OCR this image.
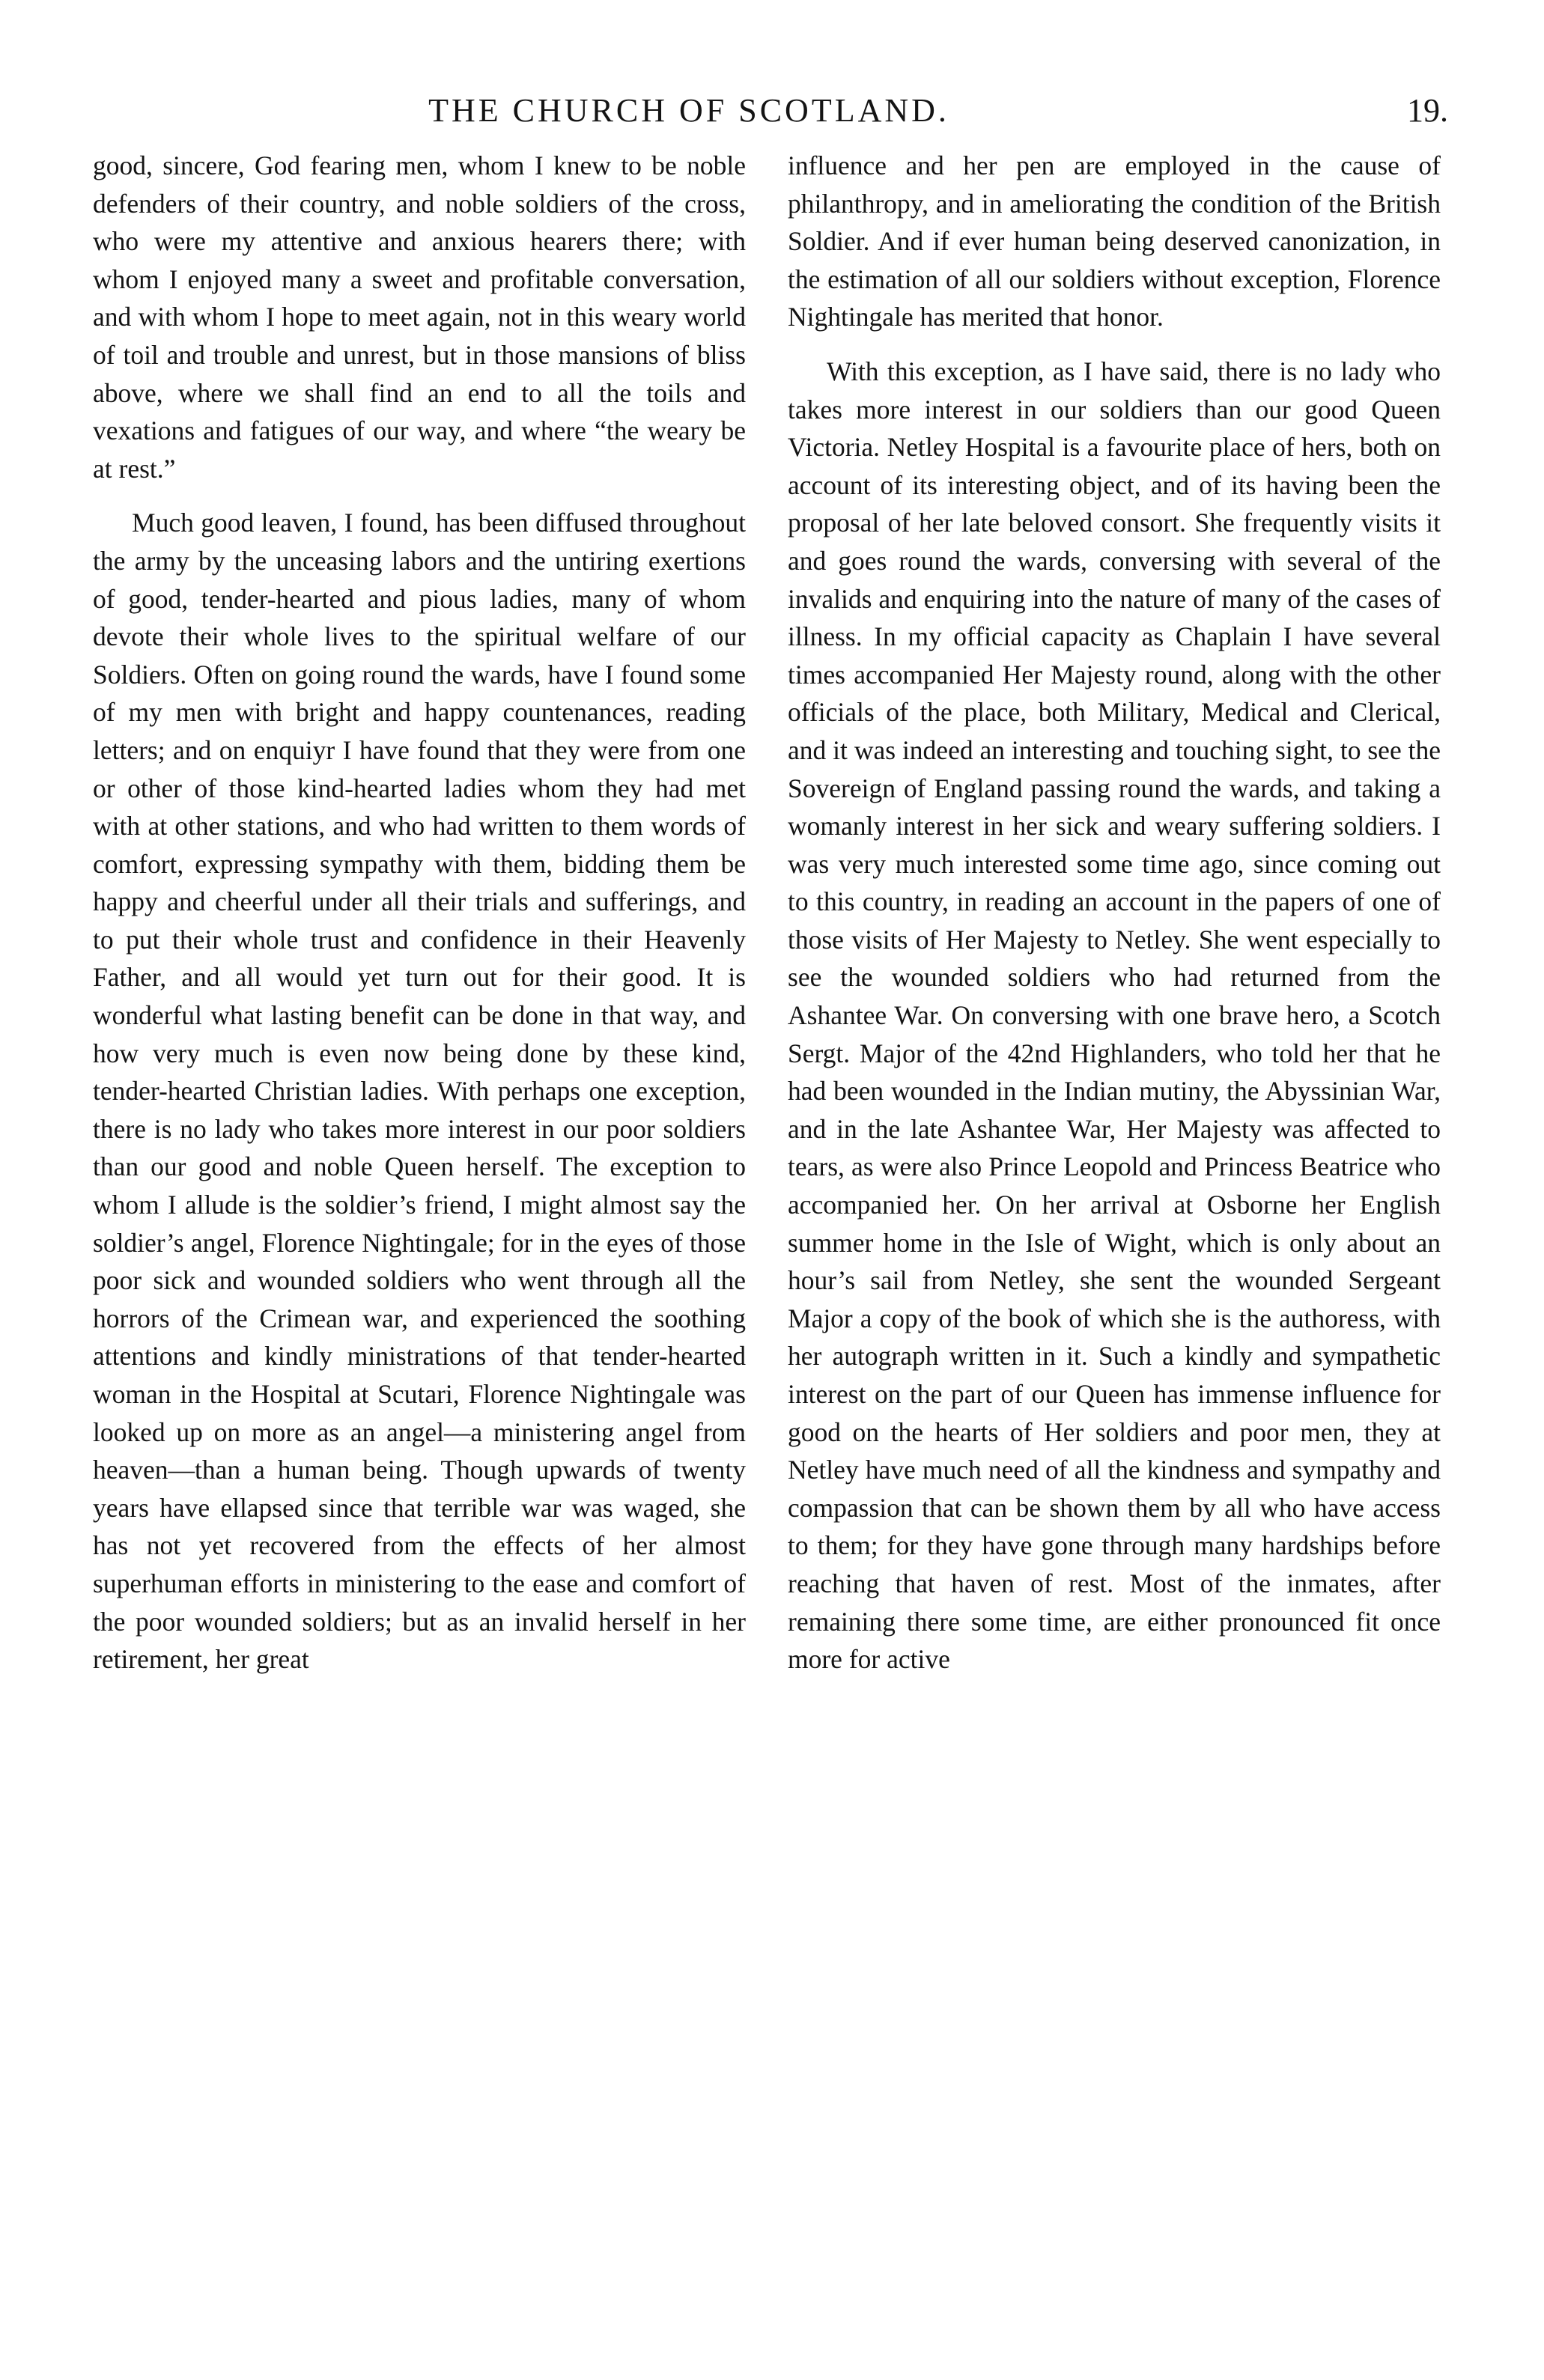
THE CHURCH OF SCOTLAND.	19.

good, sincere, God fearing men, whom I knew to be noble defenders of their country, and noble soldiers of the cross, who were my attentive and anxious hearers there; with whom I enjoyed many a sweet and profitable conversation, and with whom I hope to meet again, not in this weary world of toil and trouble and unrest, but in those mansions of bliss above, where we shall find an end to all the toils and vexations and fatigues of our way, and where “the weary be at rest.”

Much good leaven, I found, has been diffused throughout the army by the unceasing labors and the untiring exertions of good, tender-hearted and pious ladies, many of whom devote their whole lives to the spiritual welfare of our Soldiers. Often on going round the wards, have I found some of my men with bright and happy countenances, reading letters; and on enquiyr I have found that they were from one or other of those kind-hearted ladies whom they had met with at other stations, and who had written to them words of comfort, expressing sympathy with them, bidding them be happy and cheerful under all their trials and sufferings, and to put their whole trust and confidence in their Heavenly Father, and all would yet turn out for their good. It is wonderful what lasting benefit can be done in that way, and how very much is even now being done by these kind, tender-hearted Christian ladies. With perhaps one exception, there is no lady who takes more interest in our poor soldiers than our good and noble Queen herself. The exception to whom I allude is the soldier’s friend, I might almost say the soldier’s angel, Florence Nightingale; for in the eyes of those poor sick and wounded soldiers who went through all the horrors of the Crimean war, and experienced the soothing attentions and kindly ministrations of that tender-hearted woman in the Hospital at Scutari, Florence Nightingale was looked up on more as an angel—a ministering angel from heaven—than a human being. Though upwards of twenty years have ellapsed since that terrible war was waged, she has not yet recovered from the effects of her almost superhuman efforts in ministering to the ease and comfort of the poor wounded soldiers; but as an invalid herself in her retirement, her great

influence and her pen are employed in the cause of philanthropy, and in ameliorating the condition of the British Soldier. And if ever human being deserved canonization, in the estimation of all our soldiers without exception, Florence Nightingale has merited that honor.

With this exception, as I have said, there is no lady who takes more interest in our soldiers than our good Queen Victoria. Netley Hospital is a favourite place of hers, both on account of its interesting object, and of its having been the proposal of her late beloved consort. She frequently visits it and goes round the wards, conversing with several of the invalids and enquiring into the nature of many of the cases of illness. In my official capacity as Chaplain I have several times accompanied Her Majesty round, along with the other officials of the place, both Military, Medical and Clerical, and it was indeed an interesting and touching sight, to see the Sovereign of England passing round the wards, and taking a womanly interest in her sick and weary suffering soldiers. I was very much interested some time ago, since coming out to this country, in reading an account in the papers of one of those visits of Her Majesty to Netley. She went especially to see the wounded soldiers who had returned from the Ashantee War. On conversing with one brave hero, a Scotch Sergt. Major of the 42nd Highlanders, who told her that he had been wounded in the Indian mutiny, the Abyssinian War, and in the late Ashantee War, Her Majesty was affected to tears, as were also Prince Leopold and Princess Beatrice who accompanied her. On her arrival at Osborne her English summer home in the Isle of Wight, which is only about an hour’s sail from Netley, she sent the wounded Sergeant Major a copy of the book of which she is the authoress, with her autograph written in it. Such a kindly and sympathetic interest on the part of our Queen has immense influence for good on the hearts of Her soldiers and poor men, they at Netley have much need of all the kindness and sympathy and compassion that can be shown them by all who have access to them; for they have gone through many hardships before reaching that haven of rest. Most of the inmates, after remaining there some time, are either pronounced fit once more for active
